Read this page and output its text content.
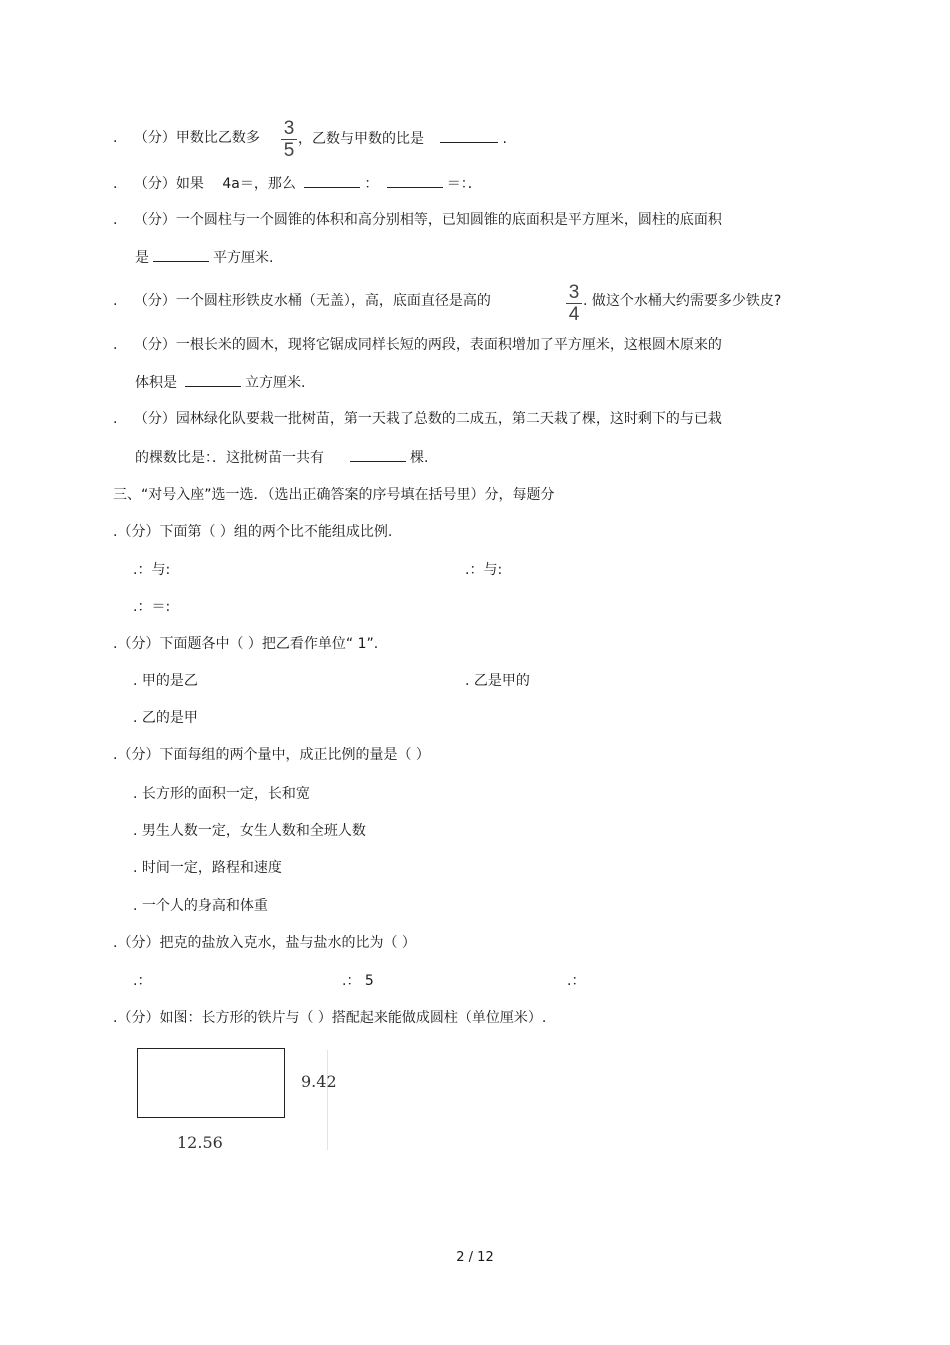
. （分）甲数比乙数多 3
5
，乙数与甲数的比是	.
. （分）如果 4a＝，那么	：	＝：．
. （分）一个圆柱与一个圆锥的体积和高分别相等，已知圆锥的底面积是平方厘米，圆柱的底面积
是	平方厘米.
. （分）一个圆柱形铁皮水桶（无盖），高，底面直径是高的	3
4
. 做这个水桶大约需要多少铁皮?
. （分）一根长米的圆木，现将它锯成同样长短的两段，表面积增加了平方厘米，这根圆木原来的
体积是	立方厘米.
. （分）园林绿化队要栽一批树苗，第一天栽了总数的二成五，第二天栽了棵，这时剩下的与已栽
的棵数比是：．这批树苗一共有	棵.
三、“对号入座”选一选．（选出正确答案的序号填在括号里）分，每题分
.（分）下面第（ ）组的两个比不能组成比例.
.：与:	.：与:
.：＝:
.（分）下面题各中（ ）把乙看作单位“ 1”.
. 甲的是乙	. 乙是甲的
. 乙的是甲
.（分）下面每组的两个量中，成正比例的量是（ ）
. 长方形的面积一定，长和宽
. 男生人数一定，女生人数和全班人数
. 时间一定，路程和速度
. 一个人的身高和体重
.（分）把克的盐放入克水，盐与盐水的比为（ ）
.：	.： 5	.：
.（分）如图：长方形的铁片与（ ）搭配起来能做成圆柱（单位厘米）.
9.42
12.56
2 / 12
